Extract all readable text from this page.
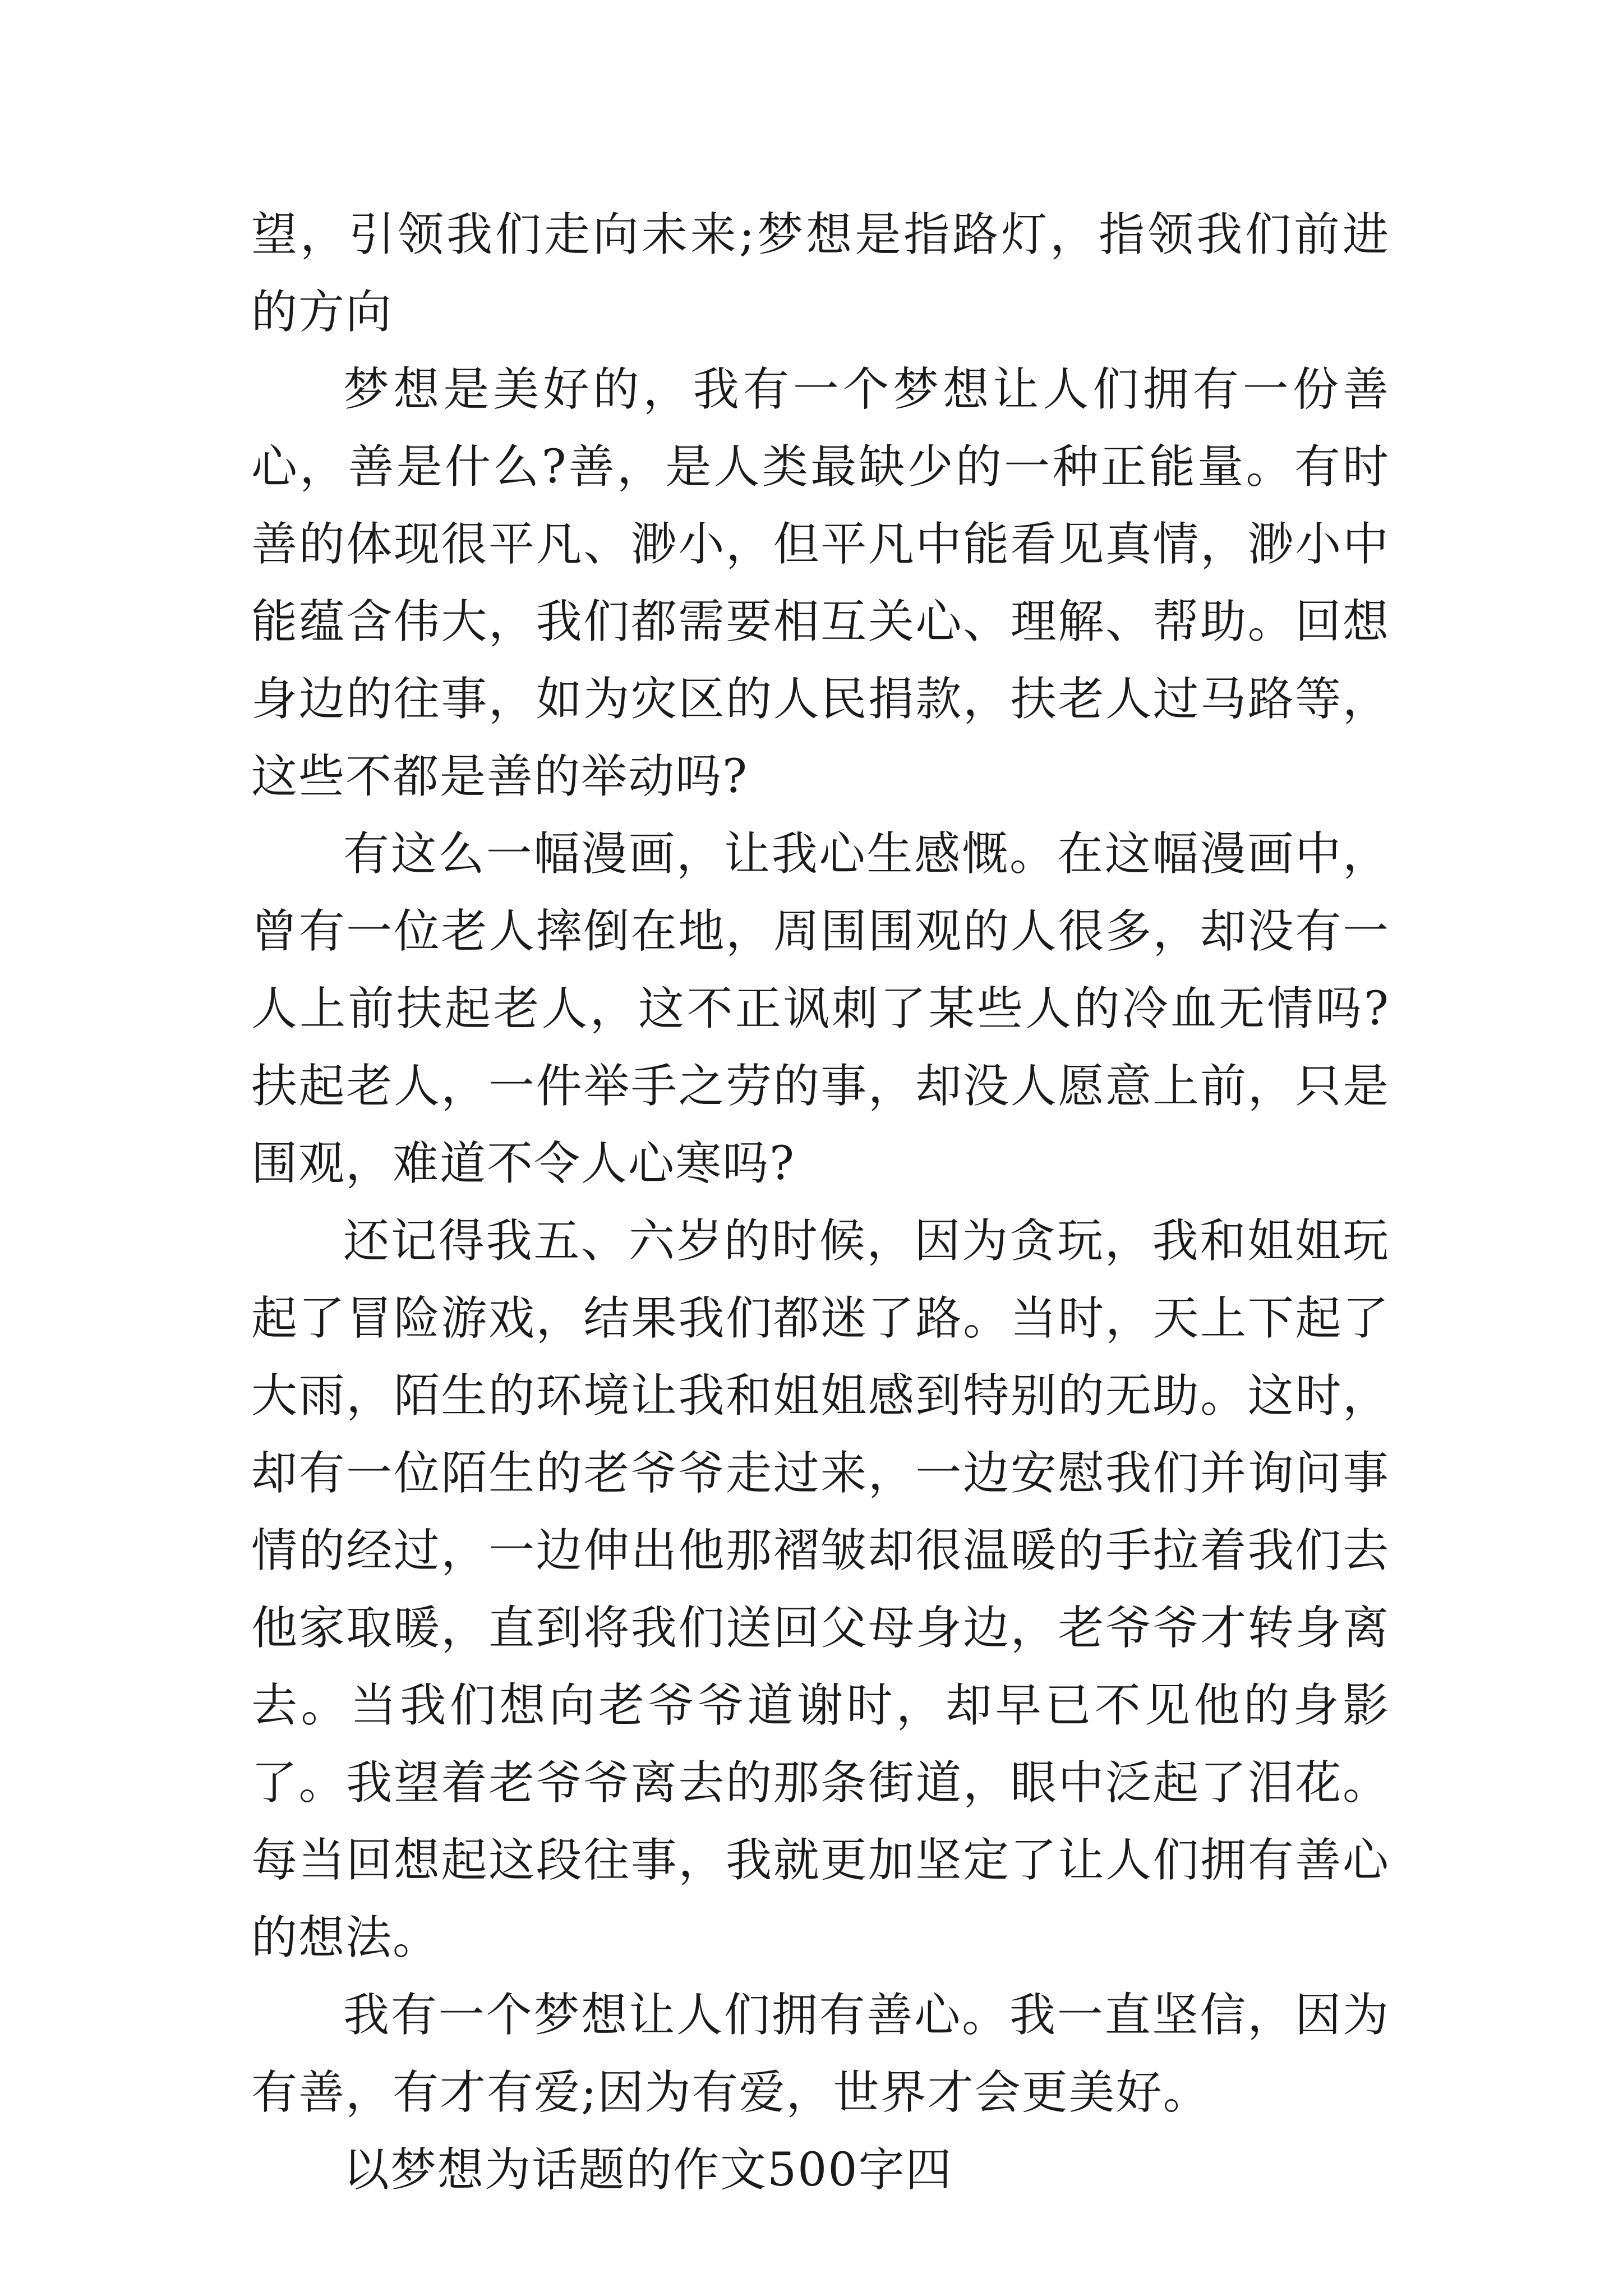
望，引领我们走向未来;梦想是指路灯，指领我们前进的方向

梦想是美好的，我有一个梦想让人们拥有一份善心，善是什么?善，是人类最缺少的一种正能量。有时善的体现很平凡、渺小，但平凡中能看见真情，渺小中能蕴含伟大，我们都需要相互关心、理解、帮助。回想身边的往事，如为灾区的人民捐款，扶老人过马路等，这些不都是善的举动吗?

有这么一幅漫画，让我心生感慨。在这幅漫画中，曾有一位老人摔倒在地，周围围观的人很多，却没有一人上前扶起老人，这不正讽刺了某些人的冷血无情吗?扶起老人，一件举手之劳的事，却没人愿意上前，只是围观，难道不令人心寒吗?

还记得我五、六岁的时候，因为贪玩，我和姐姐玩起了冒险游戏，结果我们都迷了路。当时，天上下起了大雨，陌生的环境让我和姐姐感到特别的无助。这时，却有一位陌生的老爷爷走过来，一边安慰我们并询问事情的经过，一边伸出他那褶皱却很温暖的手拉着我们去他家取暖，直到将我们送回父母身边，老爷爷才转身离去。当我们想向老爷爷道谢时，却早已不见他的身影了。我望着老爷爷离去的那条街道，眼中泛起了泪花。每当回想起这段往事，我就更加坚定了让人们拥有善心的想法。

我有一个梦想让人们拥有善心。我一直坚信，因为有善，有才有爱;因为有爱，世界才会更美好。

以梦想为话题的作文500字四
